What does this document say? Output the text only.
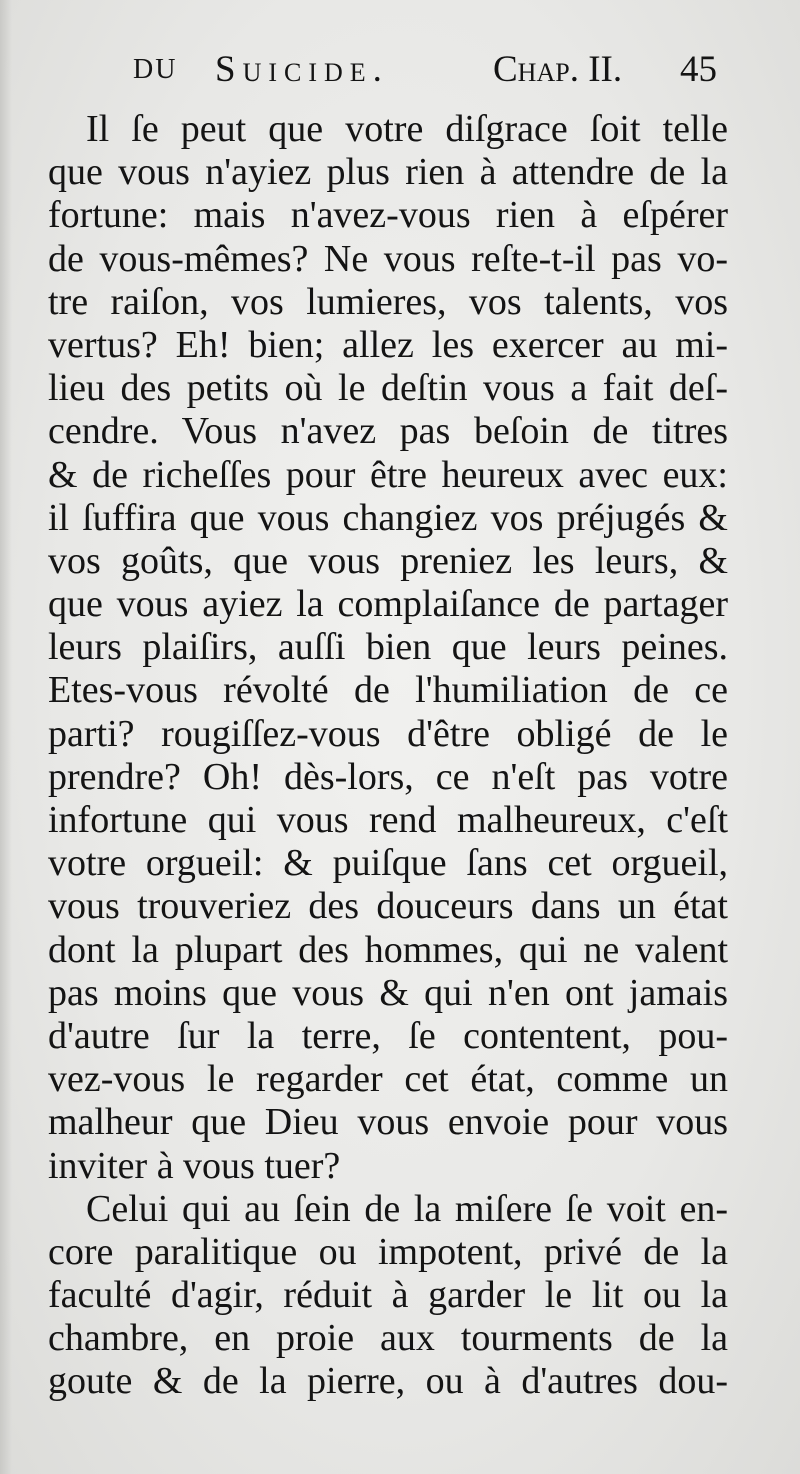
DU Suicide.	Chap. II. 45
Il ſe peut que votre diſgrace ſoit telle
que vous n'ayiez plus rien à attendre de la
fortune: mais n'avez-vous rien à eſpérer
de vous-mêmes? Ne vous reſte-t-il pas vo-
tre raiſon, vos lumieres, vos talents, vos
vertus? Eh! bien; allez les exercer au mi-
lieu des petits où le deſtin vous a fait deſ-
cendre. Vous n'avez pas beſoin de titres
& de richeſſes pour être heureux avec eux:
il ſuffira que vous changiez vos préjugés &
vos goûts, que vous preniez les leurs, &
que vous ayiez la complaiſance de partager
leurs plaiſirs, auſſi bien que leurs peines.
Etes-vous révolté de l'humiliation de ce
parti? rougiſſez-vous d'être obligé de le
prendre? Oh! dès-lors, ce n'eſt pas votre
infortune qui vous rend malheureux, c'eſt
votre orgueil: & puiſque ſans cet orgueil,
vous trouveriez des douceurs dans un état
dont la plupart des hommes, qui ne valent
pas moins que vous & qui n'en ont jamais
d'autre ſur la terre, ſe contentent, pou-
vez-vous le regarder cet état, comme un
malheur que Dieu vous envoie pour vous
inviter à vous tuer?
Celui qui au ſein de la miſere ſe voit en-
core paralitique ou impotent, privé de la
faculté d'agir, réduit à garder le lit ou la
chambre, en proie aux tourments de la
goute & de la pierre, ou à d'autres dou-
